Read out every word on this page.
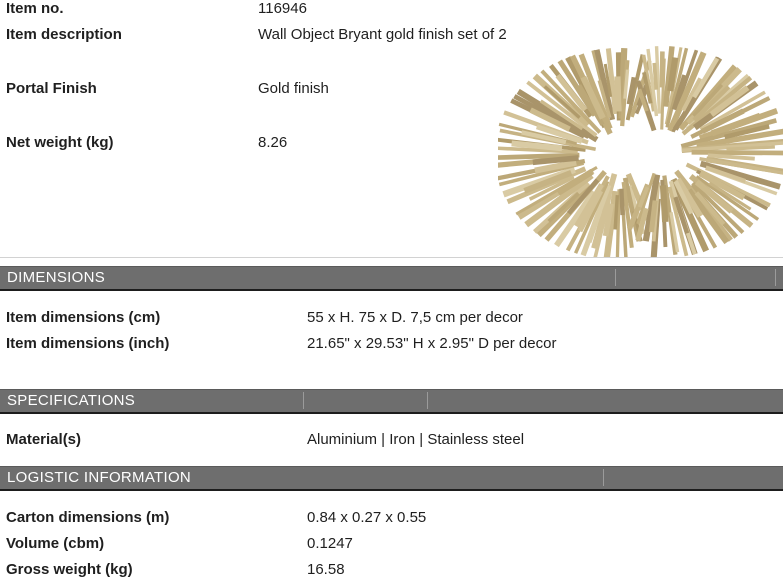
Item no.	116946
Item description	Wall Object Bryant gold finish set of 2
Portal Finish	Gold finish
Net weight (kg)	8.26
DIMENSIONS
Item dimensions (cm)	55 x H. 75 x D. 7,5 cm per decor
Item dimensions (inch)	21.65" x 29.53" H x 2.95" D per decor
SPECIFICATIONS
Material(s)	Aluminium | Iron | Stainless steel
LOGISTIC INFORMATION
Carton dimensions (m)	0.84 x 0.27 x 0.55
Volume (cbm)	0.1247
Gross weight (kg)	16.58
